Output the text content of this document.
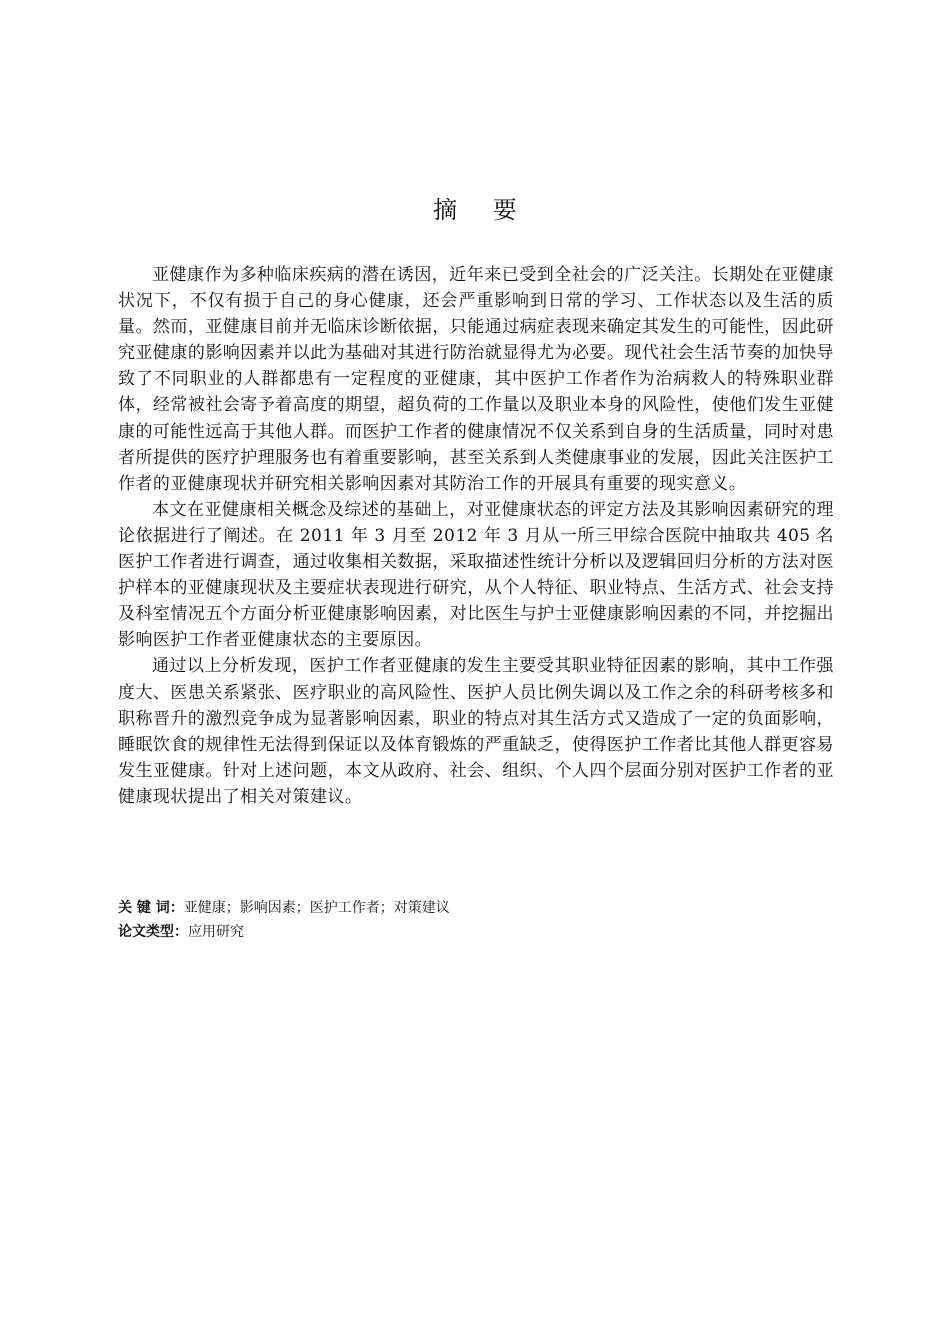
摘 要

亚健康作为多种临床疾病的潜在诱因，近年来已受到全社会的广泛关注。长期处在亚健康状况下，不仅有损于自己的身心健康，还会严重影响到日常的学习、工作状态以及生活的质量。然而，亚健康目前并无临床诊断依据，只能通过病症表现来确定其发生的可能性，因此研究亚健康的影响因素并以此为基础对其进行防治就显得尤为必要。现代社会生活节奏的加快导致了不同职业的人群都患有一定程度的亚健康，其中医护工作者作为治病救人的特殊职业群体，经常被社会寄予着高度的期望，超负荷的工作量以及职业本身的风险性，使他们发生亚健康的可能性远高于其他人群。而医护工作者的健康情况不仅关系到自身的生活质量，同时对患者所提供的医疗护理服务也有着重要影响，甚至关系到人类健康事业的发展，因此关注医护工作者的亚健康现状并研究相关影响因素对其防治工作的开展具有重要的现实意义。

本文在亚健康相关概念及综述的基础上，对亚健康状态的评定方法及其影响因素研究的理论依据进行了阐述。在 2011 年 3 月至 2012 年 3 月从一所三甲综合医院中抽取共 405 名医护工作者进行调查，通过收集相关数据，采取描述性统计分析以及逻辑回归分析的方法对医护样本的亚健康现状及主要症状表现进行研究，从个人特征、职业特点、生活方式、社会支持及科室情况五个方面分析亚健康影响因素，对比医生与护士亚健康影响因素的不同，并挖掘出影响医护工作者亚健康状态的主要原因。

通过以上分析发现，医护工作者亚健康的发生主要受其职业特征因素的影响，其中工作强度大、医患关系紧张、医疗职业的高风险性、医护人员比例失调以及工作之余的科研考核多和职称晋升的激烈竞争成为显著影响因素，职业的特点对其生活方式又造成了一定的负面影响，睡眠饮食的规律性无法得到保证以及体育锻炼的严重缺乏，使得医护工作者比其他人群更容易发生亚健康。针对上述问题，本文从政府、社会、组织、个人四个层面分别对医护工作者的亚健康现状提出了相关对策建议。

关 键 词：亚健康；影响因素；医护工作者；对策建议
论文类型：应用研究
